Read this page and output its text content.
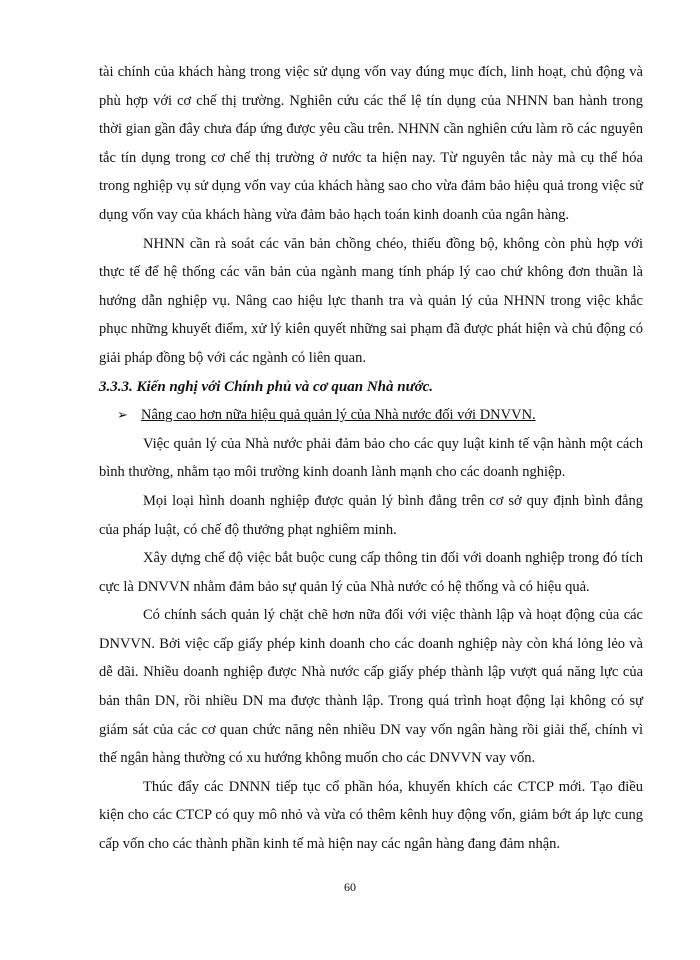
tài chính của khách hàng trong việc sử dụng vốn vay đúng mục đích, linh hoạt, chủ động và phù hợp với cơ chế thị trường. Nghiên cứu các thể lệ tín dụng của NHNN ban hành trong thời gian gần đây chưa đáp ứng được yêu cầu trên. NHNN cần nghiên cứu làm rõ các nguyên tắc tín dụng trong cơ chế thị trường ở nước ta hiện nay. Từ nguyên tắc này mà cụ thể hóa trong nghiệp vụ sử dụng vốn vay của khách hàng sao cho vừa đảm bảo hiệu quả trong việc sử dụng vốn vay của khách hàng vừa đảm bảo hạch toán kinh doanh của ngân hàng.

NHNN cần rà soát các văn bản chồng chéo, thiếu đồng bộ, không còn phù hợp với thực tế để hệ thống các văn bản của ngành mang tính pháp lý cao chứ không đơn thuần là hướng dẫn nghiệp vụ. Nâng cao hiệu lực thanh tra và quản lý của NHNN trong việc khắc phục những khuyết điểm, xử lý kiên quyết những sai phạm đã được phát hiện và chủ động có giải pháp đồng bộ với các ngành có liên quan.

3.3.3. Kiến nghị với Chính phủ và cơ quan Nhà nước.

➢ Nâng cao hơn nữa hiệu quả quản lý của Nhà nước đối với DNVVN.

Việc quản lý của Nhà nước phải đảm bảo cho các quy luật kinh tế vận hành một cách bình thường, nhằm tạo môi trường kinh doanh lành mạnh cho các doanh nghiệp.

Mọi loại hình doanh nghiệp được quản lý bình đẳng trên cơ sở quy định bình đẳng của pháp luật, có chế độ thưởng phạt nghiêm minh.

Xây dựng chế độ việc bắt buộc cung cấp thông tin đối với doanh nghiệp trong đó tích cực là DNVVN nhằm đảm bảo sự quản lý của Nhà nước có hệ thống và có hiệu quả.

Có chính sách quản lý chặt chẽ hơn nữa đối với việc thành lập và hoạt động của các DNVVN. Bởi việc cấp giấy phép kinh doanh cho các doanh nghiệp này còn khá lỏng lẻo và dễ dãi. Nhiều doanh nghiệp được Nhà nước cấp giấy phép thành lập vượt quá năng lực của bản thân DN, rồi nhiều DN ma được thành lập. Trong quá trình hoạt động lại không có sự giám sát của các cơ quan chức năng nên nhiều DN vay vốn ngân hàng rồi giải thể, chính vì thế ngân hàng thường có xu hướng không muốn cho các DNVVN vay vốn.

Thúc đẩy các DNNN tiếp tục cổ phần hóa, khuyến khích các CTCP mới. Tạo điều kiện cho các CTCP có quy mô nhỏ và vừa có thêm kênh huy động vốn, giảm bớt áp lực cung cấp vốn cho các thành phần kinh tế mà hiện nay các ngân hàng đang đảm nhận.

60
